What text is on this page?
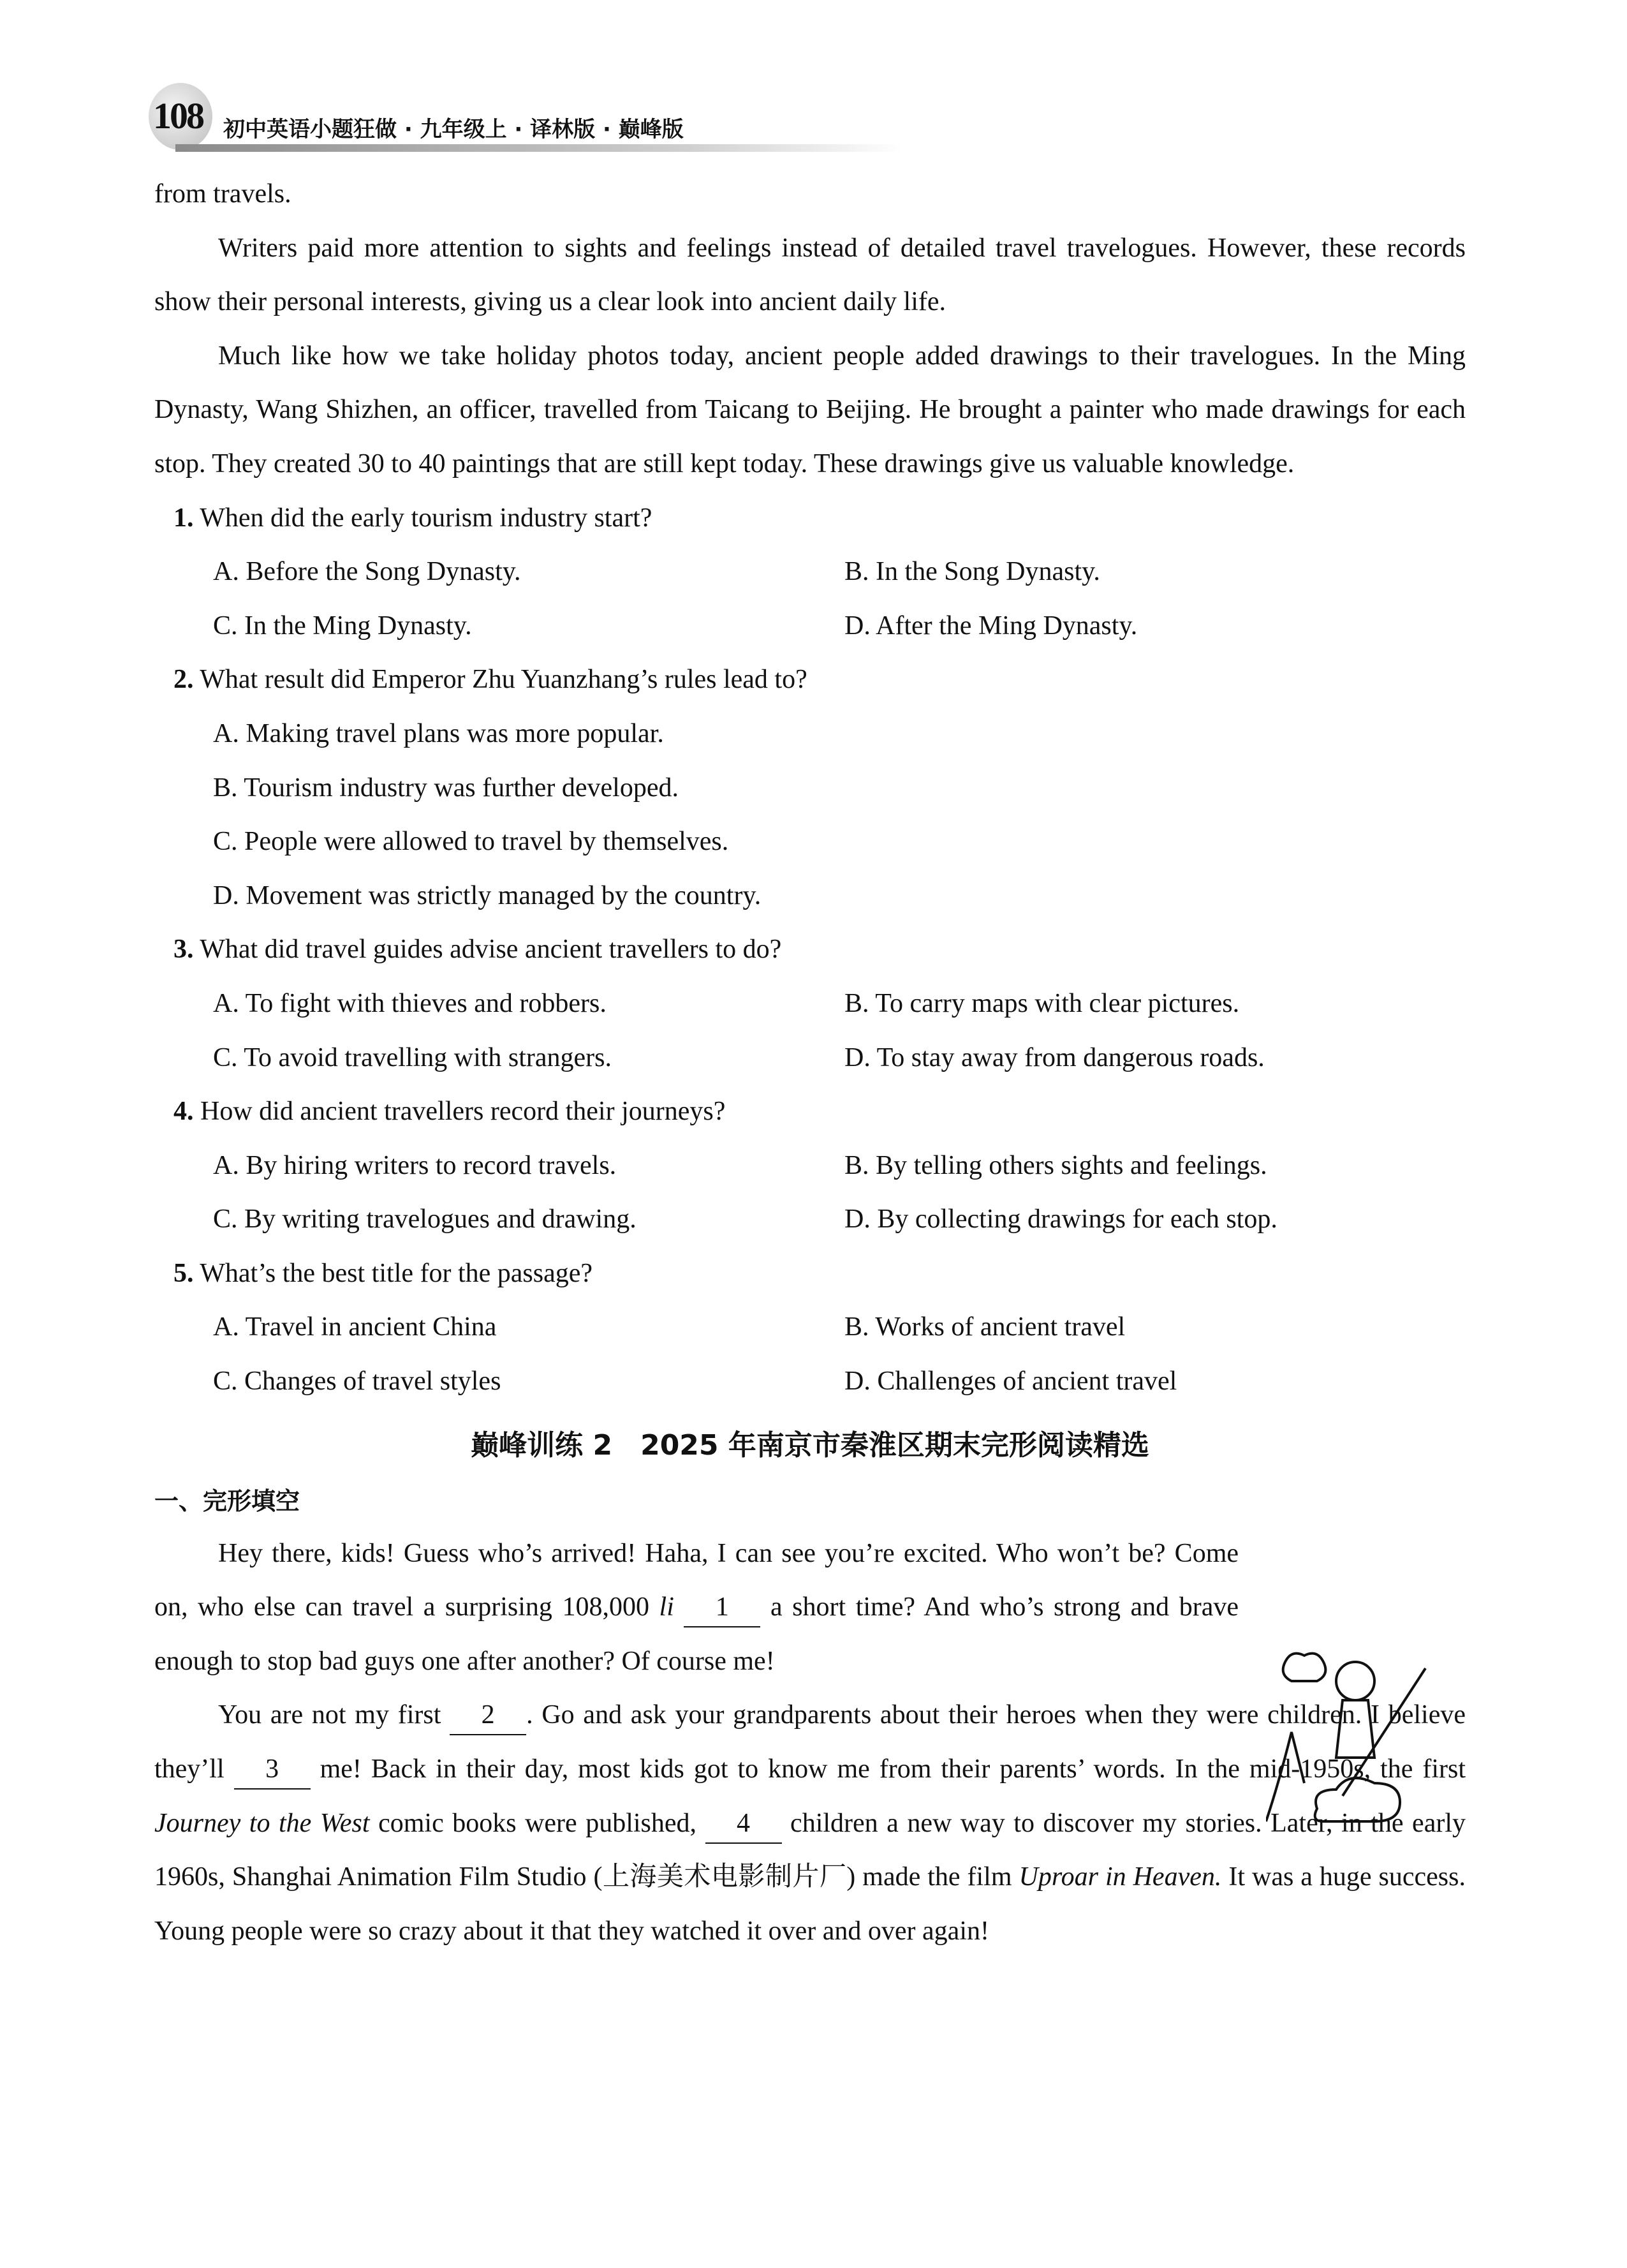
108 初中英语小题狂做 · 九年级上 · 译林版 · 巅峰版

from travels.

Writers paid more attention to sights and feelings instead of detailed travel travelogues. However, these records show their personal interests, giving us a clear look into ancient daily life.

Much like how we take holiday photos today, ancient people added drawings to their travelogues. In the Ming Dynasty, Wang Shizhen, an officer, travelled from Taicang to Beijing. He brought a painter who made drawings for each stop. They created 30 to 40 paintings that are still kept today. These drawings give us valuable knowledge.

1. When did the early tourism industry start?

A. Before the Song Dynasty.	B. In the Song Dynasty.
C. In the Ming Dynasty.	D. After the Ming Dynasty.

2. What result did Emperor Zhu Yuanzhang’s rules lead to?

A. Making travel plans was more popular.
B. Tourism industry was further developed.
C. People were allowed to travel by themselves.
D. Movement was strictly managed by the country.

3. What did travel guides advise ancient travellers to do?

A. To fight with thieves and robbers.	B. To carry maps with clear pictures.
C. To avoid travelling with strangers.	D. To stay away from dangerous roads.

4. How did ancient travellers record their journeys?

A. By hiring writers to record travels.	B. By telling others sights and feelings.
C. By writing travelogues and drawing.	D. By collecting drawings for each stop.

5. What’s the best title for the passage?

A. Travel in ancient China	B. Works of ancient travel
C. Changes of travel styles	D. Challenges of ancient travel
巅峰训练 2　2025 年南京市秦淮区期末完形阅读精选
一、完形填空

Hey there, kids! Guess who’s arrived! Haha, I can see you’re excited. Who won’t be? Come on, who else can travel a surprising 108,000 li 1 a short time? And who’s strong and brave enough to stop bad guys one after another? Of course me!

You are not my first 2 . Go and ask your grandparents about their heroes when they were children. I believe they’ll 3 me! Back in their day, most kids got to know me from their parents’ words. In the mid-1950s, the first Journey to the West comic books were published, 4 children a new way to discover my stories. Later, in the early 1960s, Shanghai Animation Film Studio (上海美术电影制片厂) made the film Uproar in Heaven. It was a huge success. Young people were so crazy about it that they watched it over and over again!
